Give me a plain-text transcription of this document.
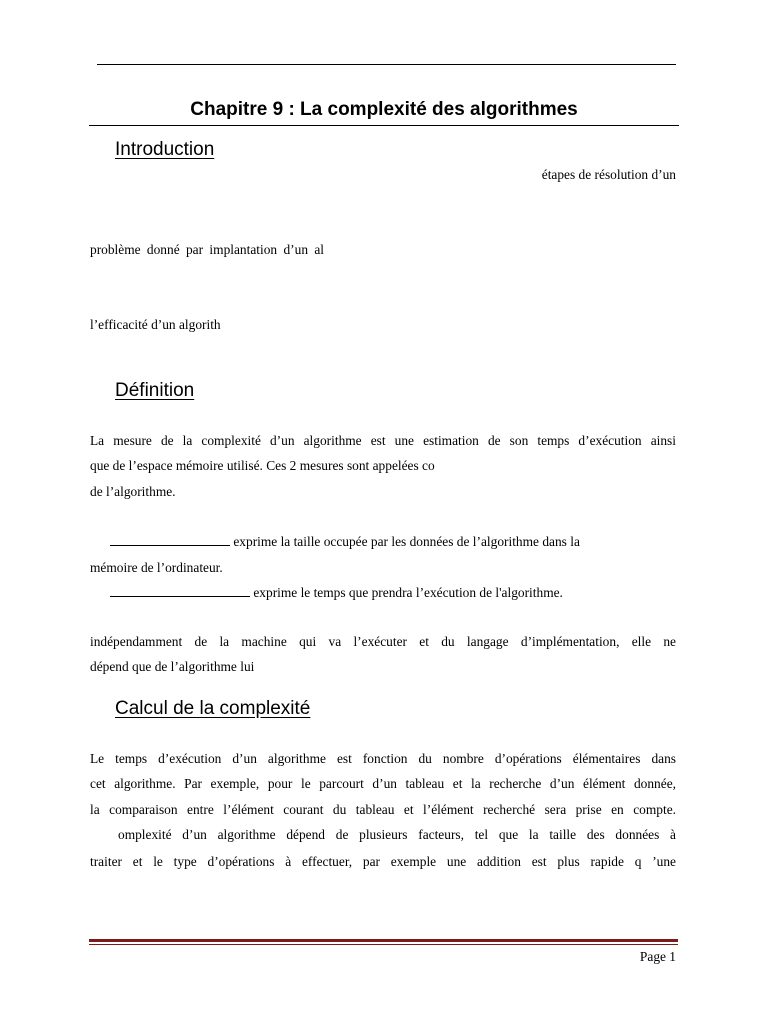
Chapitre 9 : La complexité des algorithmes
Introduction
étapes de résolution d’un
problème donné par implantation d’un al
l’efficacité d’un algorith
Définition
La mesure de la complexité d’un algorithme est une estimation de son temps d’exécution ainsi
que de l’espace mémoire utilisé. Ces 2 mesures sont appelées co
de l’algorithme.
exprime la taille occupée par les données de l’algorithme dans la
mémoire de l’ordinateur.
exprime le temps que prendra l’exécution de l'algorithme.
indépendamment de la machine qui va l’exécuter et du langage d’implémentation, elle ne
dépend que de l’algorithme lui
Calcul de la complexité
Le temps d’exécution d’un algorithme est fonction du nombre d’opérations élémentaires dans
cet algorithme. Par exemple, pour le parcourt d’un tableau et la recherche d’un élément donnée,
la comparaison entre l’élément courant du tableau et l’élément recherché sera prise en compte.
omplexité d’un algorithme dépend de plusieurs facteurs, tel que la taille des données à
traiter et le type d’opérations à effectuer, par exemple une addition est plus rapide q ’une
Page 1
